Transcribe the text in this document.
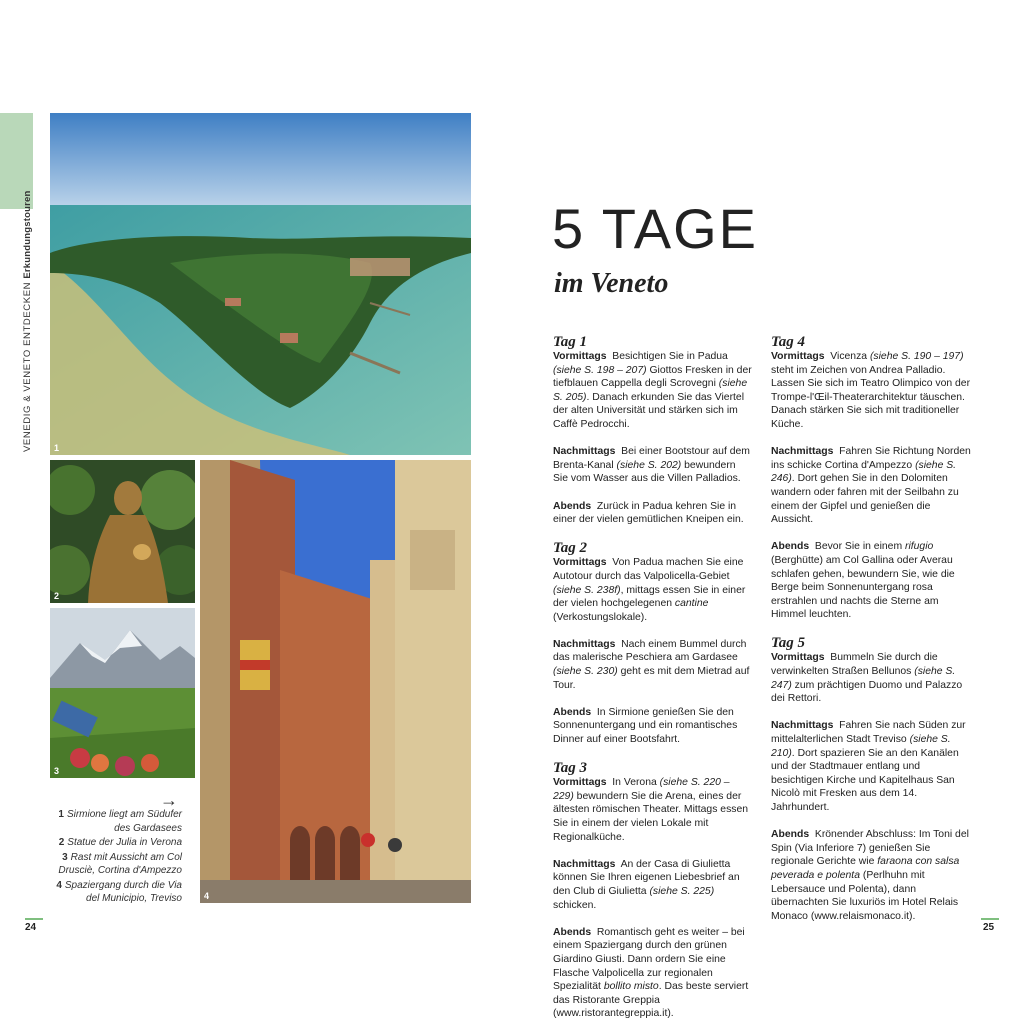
VENEDIG & VENETO ENTDECKEN Erkundungstouren
1
2
3
4
→
1 Sirmione liegt am Südufer des Gardasees
2 Statue der Julia in Verona
3 Rast mit Aussicht am Col Drusciè, Cortina d'Ampezzo
4 Spaziergang durch die Via del Municipio, Treviso
24
5 TAGE
im Veneto
Tag 1

Vormittags Besichtigen Sie in Padua (siehe S. 198 – 207) Giottos Fresken in der tiefblauen Cappella degli Scrovegni (siehe S. 205). Danach erkunden Sie das Viertel der alten Universität und stärken sich im Caffè Pedrocchi.

Nachmittags Bei einer Bootstour auf dem Brenta-Kanal (siehe S. 202) bewundern Sie vom Wasser aus die Villen Palladios.

Abends Zurück in Padua kehren Sie in einer der vielen gemütlichen Kneipen ein.

Tag 2

Vormittags Von Padua machen Sie eine Autotour durch das Valpolicella-Gebiet (siehe S. 238f), mittags essen Sie in einer der vielen hochgelegenen cantine (Verkostungslokale).

Nachmittags Nach einem Bummel durch das malerische Peschiera am Gardasee (siehe S. 230) geht es mit dem Mietrad auf Tour.

Abends In Sirmione genießen Sie den Sonnenuntergang und ein romantisches Dinner auf einer Bootsfahrt.

Tag 3

Vormittags In Verona (siehe S. 220 – 229) bewundern Sie die Arena, eines der ältesten römischen Theater. Mittags essen Sie in einem der vielen Lokale mit Regionalküche.

Nachmittags An der Casa di Giulietta können Sie Ihren eigenen Liebesbrief an den Club di Giulietta (siehe S. 225) schicken.

Abends Romantisch geht es weiter – bei einem Spaziergang durch den grünen Giardino Giusti. Dann ordern Sie eine Flasche Valpolicella zur regionalen Spezialität bollito misto. Das beste serviert das Ristorante Greppia (www.ristorantegreppia.it).

Tag 4

Vormittags Vicenza (siehe S. 190 – 197) steht im Zeichen von Andrea Palladio. Lassen Sie sich im Teatro Olimpico von der Trompe-l'Œil-Theaterarchitektur täuschen. Danach stärken Sie sich mit traditioneller Küche.

Nachmittags Fahren Sie Richtung Norden ins schicke Cortina d'Ampezzo (siehe S. 246). Dort gehen Sie in den Dolomiten wandern oder fahren mit der Seilbahn zu einem der Gipfel und genießen die Aussicht.

Abends Bevor Sie in einem rifugio (Berghütte) am Col Gallina oder Averau schlafen gehen, bewundern Sie, wie die Berge beim Sonnenuntergang rosa erstrahlen und nachts die Sterne am Himmel leuchten.

Tag 5

Vormittags Bummeln Sie durch die verwinkelten Straßen Bellunos (siehe S. 247) zum prächtigen Duomo und Palazzo dei Rettori.

Nachmittags Fahren Sie nach Süden zur mittelalterlichen Stadt Treviso (siehe S. 210). Dort spazieren Sie an den Kanälen und der Stadtmauer entlang und besichtigen Kirche und Kapitelhaus San Nicolò mit Fresken aus dem 14. Jahrhundert.

Abends Krönender Abschluss: Im Toni del Spin (Via Inferiore 7) genießen Sie regionale Gerichte wie faraona con salsa peverada e polenta (Perlhuhn mit Lebersauce und Polenta), dann übernachten Sie luxuriös im Hotel Relais Monaco (www.relaismonaco.it).

25
